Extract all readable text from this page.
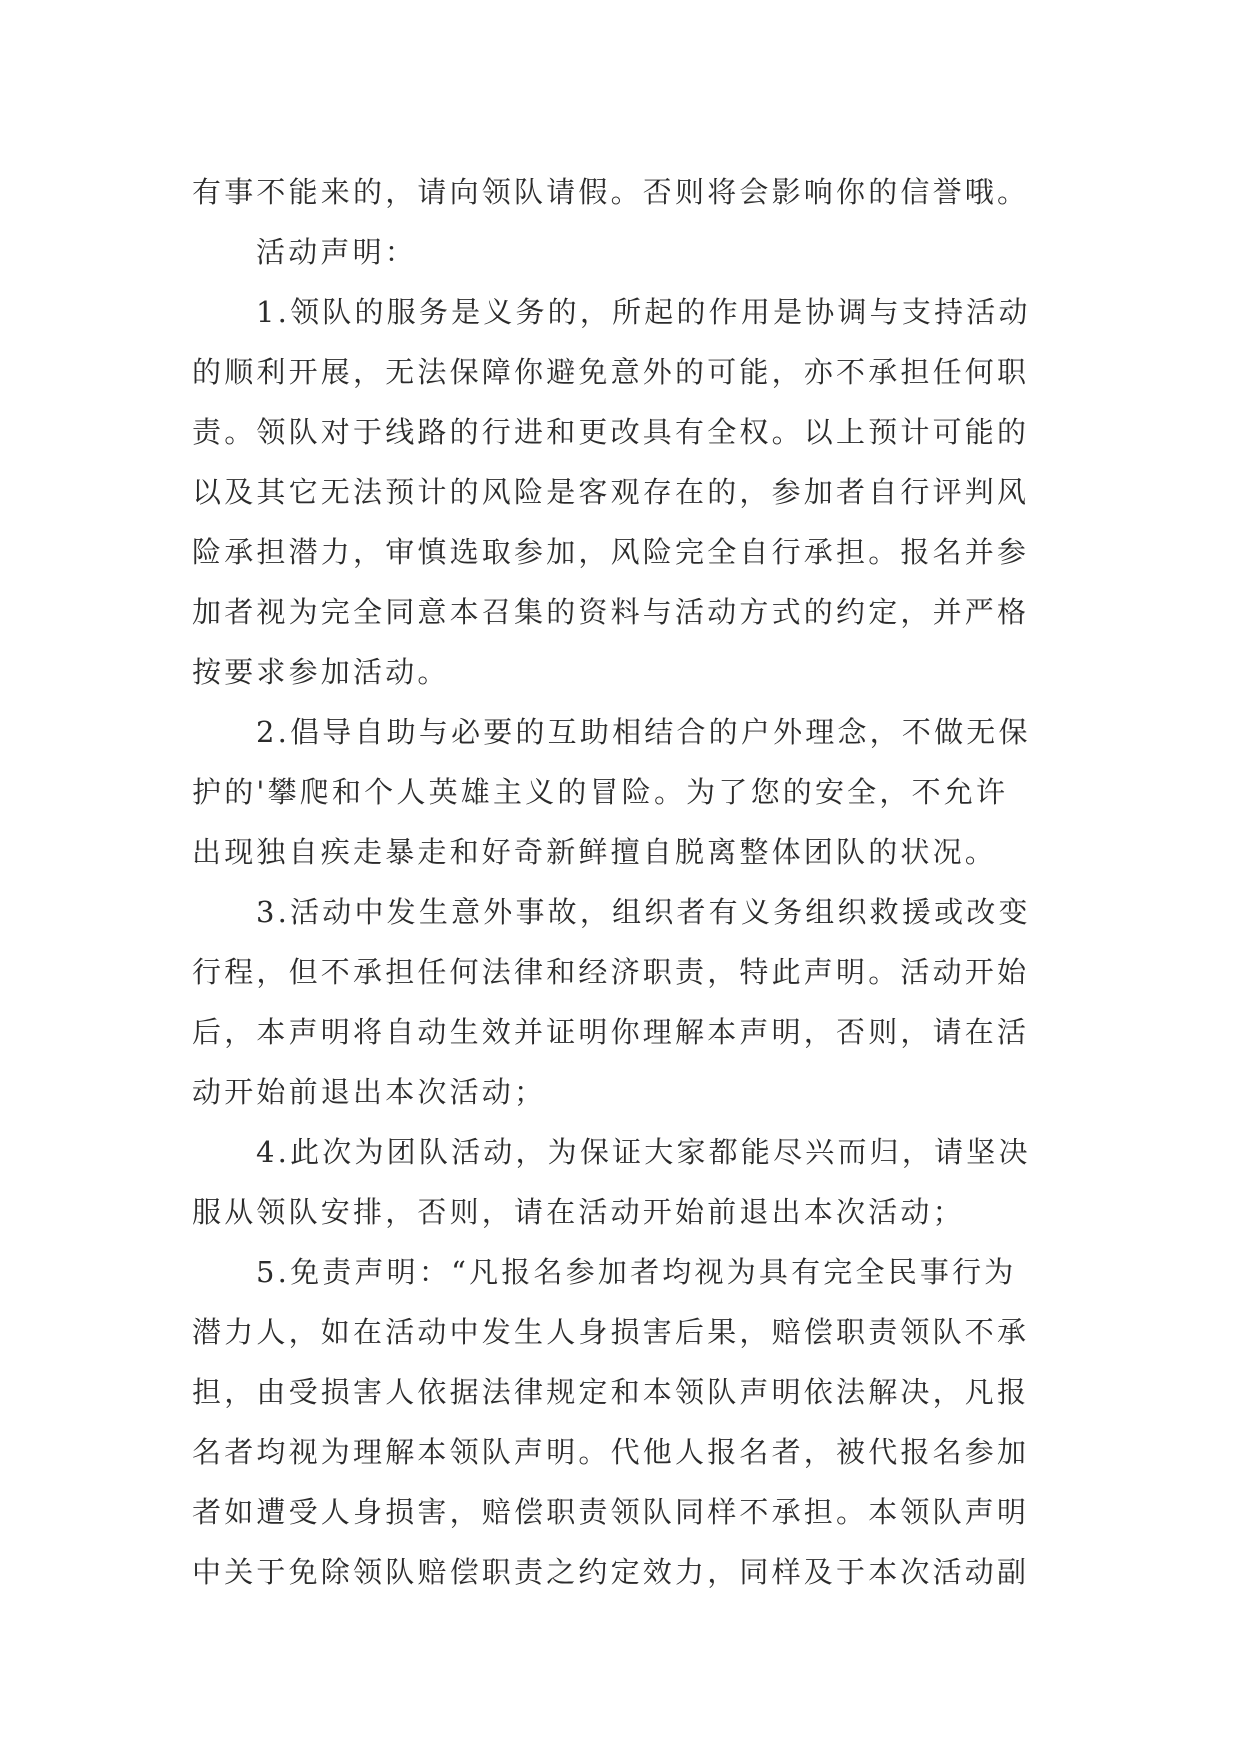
有事不能来的，请向领队请假。否则将会影响你的信誉哦。
活动声明：
1.领队的服务是义务的，所起的作用是协调与支持活动
的顺利开展，无法保障你避免意外的可能，亦不承担任何职
责。领队对于线路的行进和更改具有全权。以上预计可能的
以及其它无法预计的风险是客观存在的，参加者自行评判风
险承担潜力，审慎选取参加，风险完全自行承担。报名并参
加者视为完全同意本召集的资料与活动方式的约定，并严格
按要求参加活动。
2.倡导自助与必要的互助相结合的户外理念，不做无保
护的'攀爬和个人英雄主义的冒险。为了您的安全，不允许
出现独自疾走暴走和好奇新鲜擅自脱离整体团队的状况。
3.活动中发生意外事故，组织者有义务组织救援或改变
行程，但不承担任何法律和经济职责，特此声明。活动开始
后，本声明将自动生效并证明你理解本声明，否则，请在活
动开始前退出本次活动；
4.此次为团队活动，为保证大家都能尽兴而归，请坚决
服从领队安排，否则，请在活动开始前退出本次活动；
5.免责声明：“凡报名参加者均视为具有完全民事行为
潜力人，如在活动中发生人身损害后果，赔偿职责领队不承
担，由受损害人依据法律规定和本领队声明依法解决，凡报
名者均视为理解本领队声明。代他人报名者，被代报名参加
者如遭受人身损害，赔偿职责领队同样不承担。本领队声明
中关于免除领队赔偿职责之约定效力，同样及于本次活动副
